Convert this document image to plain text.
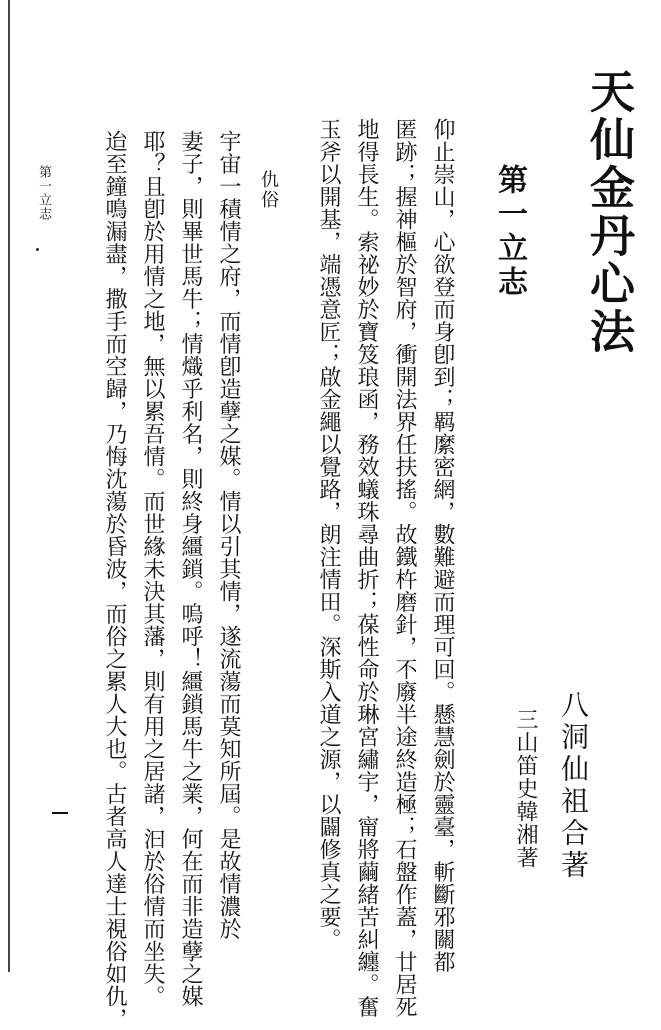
天仙金丹心法
八洞仙祖合著
三山笛史韓湘著
第一立志
仰止崇山，心欲登而身卽到；羁縻密網，數難避而理可回。懸慧劍於靈臺，斬斷邪關都
匿跡；握神樞於智府，衝開法界任扶搖。故鐵杵磨針，不廢半途終造極；石盤作蓋，廿居死
地得長生。索祕妙於寶笈琅函，務效蟻珠尋曲折；葆性命於琳宮繡宇，甯將繭緒苦糾纏。奮
玉斧以開基，端憑意匠；啟金繩以覺路，朗注情田。深斯入道之源，以闢修真之要。
仇俗
宇宙一積情之府，而情卽造孽之媒。情以引其情，遂流蕩而莫知所屆。是故情濃於
妻子，則畢世馬牛；情熾乎利名，則終身繮鎖。嗚呼！繮鎖馬牛之業，何在而非造孽之媒
耶？且卽於用情之地，無以累吾情。而世緣未決其藩，則有用之居諸，汩於俗情而坐失。
迨至鐘鳴漏盡，撒手而空歸，乃悔沈蕩於昏波，而俗之累人大也。古者高人達士視俗如仇，
第一立志
